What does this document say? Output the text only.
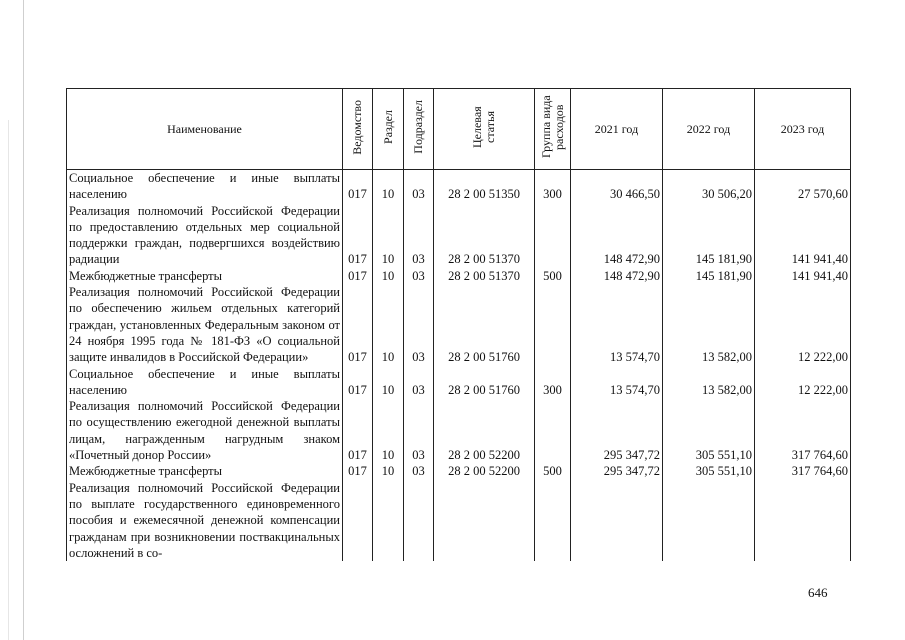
Наименование	Ведомство	Раздел	Подраздел	Целевая статья	Группа вида расходов	2021 год	2022 год	2023 год
Социальное обеспечение и иные выплаты населению	017	10	03	28 2 00 51350	300	30 466,50	30 506,20	27 570,60
Реализация полномочий Российской Федерации по предоставлению отдельных мер социальной поддержки граждан, подвергшихся воздействию радиации	017	10	03	28 2 00 51370		148 472,90	145 181,90	141 941,40
Межбюджетные трансферты	017	10	03	28 2 00 51370	500	148 472,90	145 181,90	141 941,40
Реализация полномочий Российской Федерации по обеспечению жильем отдельных категорий граждан, установленных Федеральным законом от 24 ноября 1995 года № 181-ФЗ «О социальной защите инвалидов в Российской Федерации»	017	10	03	28 2 00 51760		13 574,70	13 582,00	12 222,00
Социальное обеспечение и иные выплаты населению	017	10	03	28 2 00 51760	300	13 574,70	13 582,00	12 222,00
Реализация полномочий Российской Федерации по осуществлению ежегодной денежной выплаты лицам, награжденным нагрудным знаком «Почетный донор России»	017	10	03	28 2 00 52200		295 347,72	305 551,10	317 764,60
Межбюджетные трансферты	017	10	03	28 2 00 52200	500	295 347,72	305 551,10	317 764,60
Реализация полномочий Российской Федерации по выплате государственного единовременного пособия и ежемесячной денежной компенсации гражданам при возникновении поствакцинальных осложнений в со-								
646
